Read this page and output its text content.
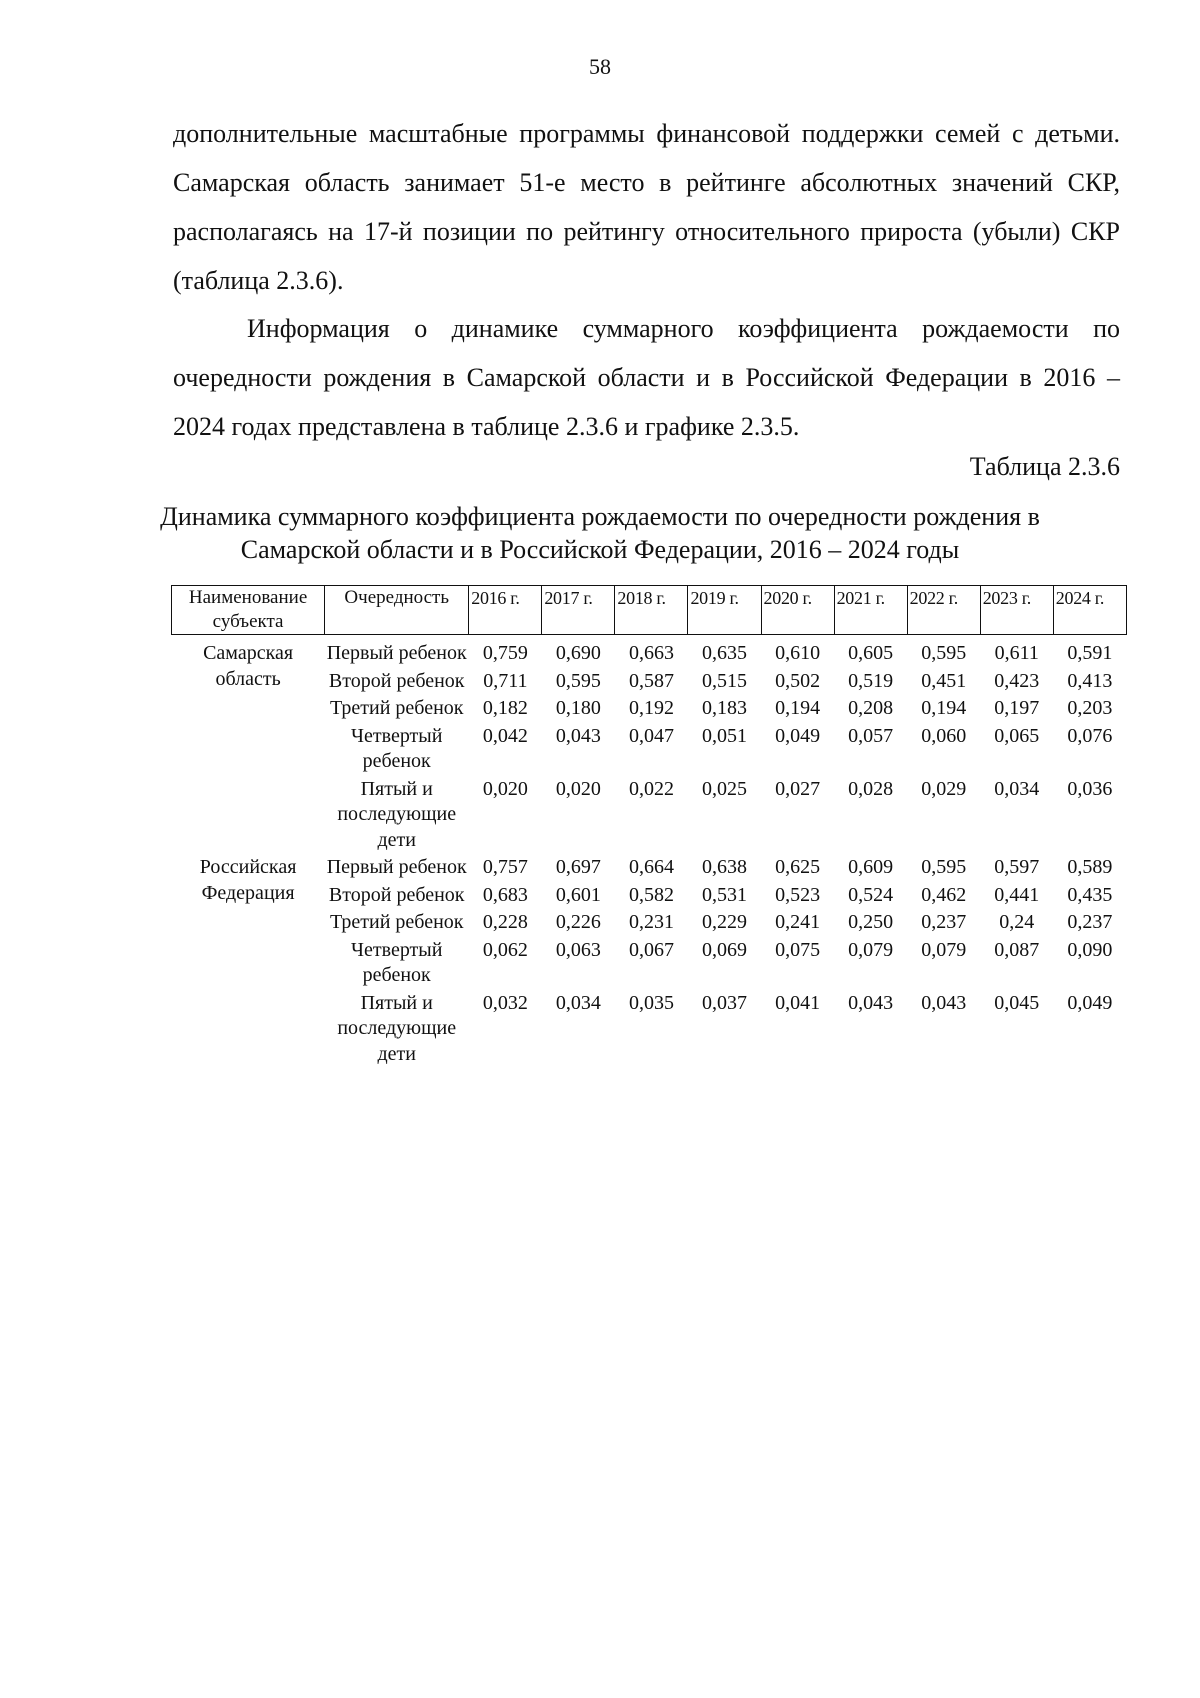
58

дополнительные масштабные программы финансовой поддержки семей с детьми. Самарская область занимает 51-е место в рейтинге абсолютных значений СКР, располагаясь на 17-й позиции по рейтингу относительного прироста (убыли) СКР (таблица 2.3.6).

Информация о динамике суммарного коэффициента рождаемости по очередности рождения в Самарской области и в Российской Федерации в 2016 – 2024 годах представлена в таблице 2.3.6 и графике 2.3.5.

Таблица 2.3.6
Динамика суммарного коэффициента рождаемости по очередности рождения в Самарской области и в Российской Федерации, 2016 – 2024 годы
Наименование субъекта	Очередность	2016 г.	2017 г.	2018 г.	2019 г.	2020 г.	2021 г.	2022 г.	2023 г.	2024 г.
Самарская область	Первый ребенок	0,759	0,690	0,663	0,635	0,610	0,605	0,595	0,611	0,591
	Второй ребенок	0,711	0,595	0,587	0,515	0,502	0,519	0,451	0,423	0,413
	Третий ребенок	0,182	0,180	0,192	0,183	0,194	0,208	0,194	0,197	0,203
	Четвертый ребенок	0,042	0,043	0,047	0,051	0,049	0,057	0,060	0,065	0,076
	Пятый и последующие дети	0,020	0,020	0,022	0,025	0,027	0,028	0,029	0,034	0,036
Российская Федерация	Первый ребенок	0,757	0,697	0,664	0,638	0,625	0,609	0,595	0,597	0,589
	Второй ребенок	0,683	0,601	0,582	0,531	0,523	0,524	0,462	0,441	0,435
	Третий ребенок	0,228	0,226	0,231	0,229	0,241	0,250	0,237	0,24	0,237
	Четвертый ребенок	0,062	0,063	0,067	0,069	0,075	0,079	0,079	0,087	0,090
	Пятый и последующие дети	0,032	0,034	0,035	0,037	0,041	0,043	0,043	0,045	0,049
